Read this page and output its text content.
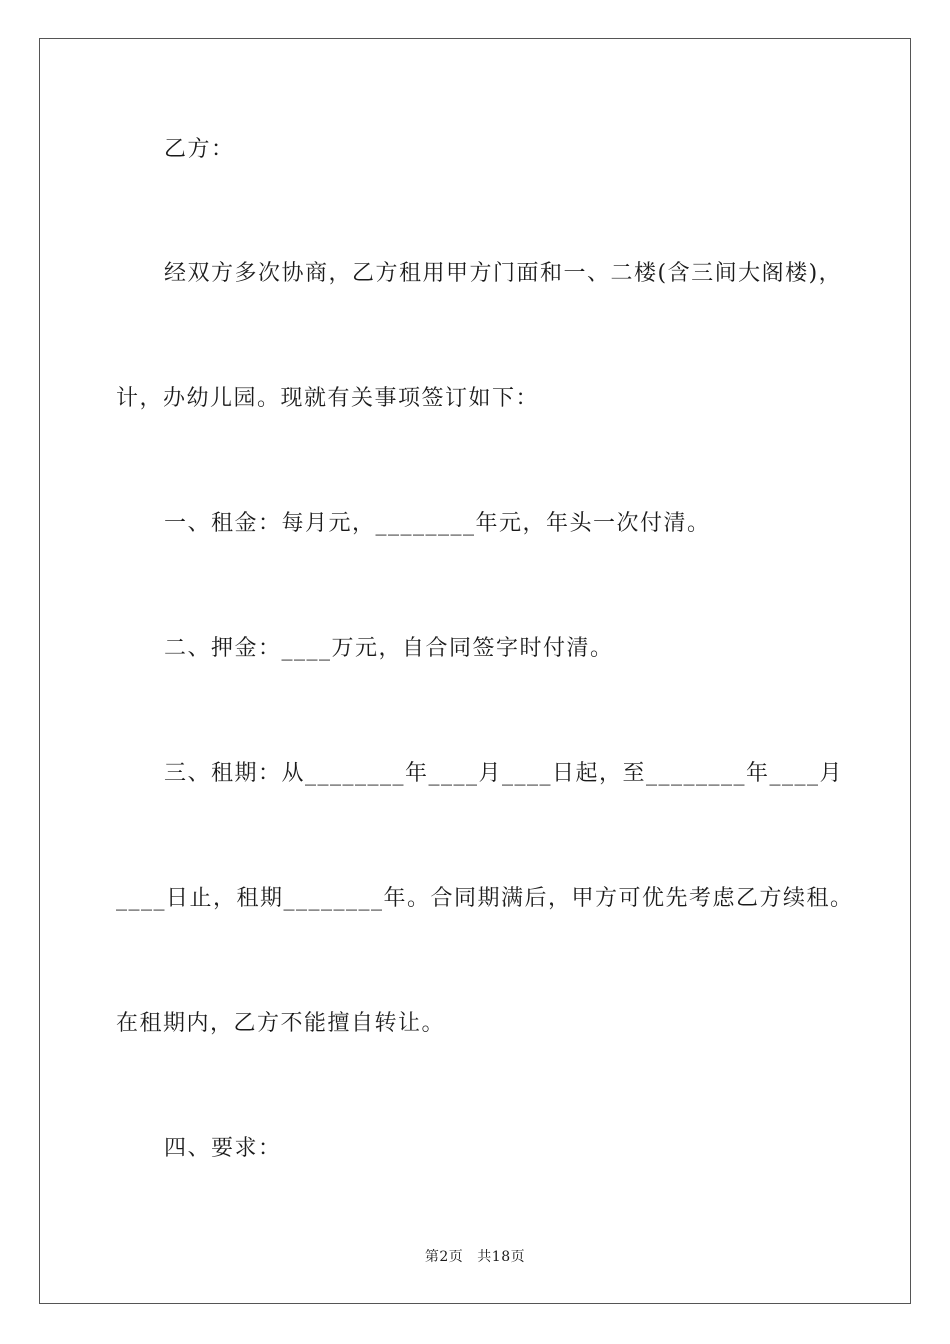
乙方：
经双方多次协商，乙方租用甲方门面和一、二楼(含三间大阁楼)，
计，办幼儿园。现就有关事项签订如下：
一、租金：每月元，________年元，年头一次付清。
二、押金：____万元，自合同签字时付清。
三、租期：从________年____月____日起，至________年____月
____日止，租期________年。合同期满后，甲方可优先考虑乙方续租。
在租期内，乙方不能擅自转让。
四、要求：
第2页 共18页
